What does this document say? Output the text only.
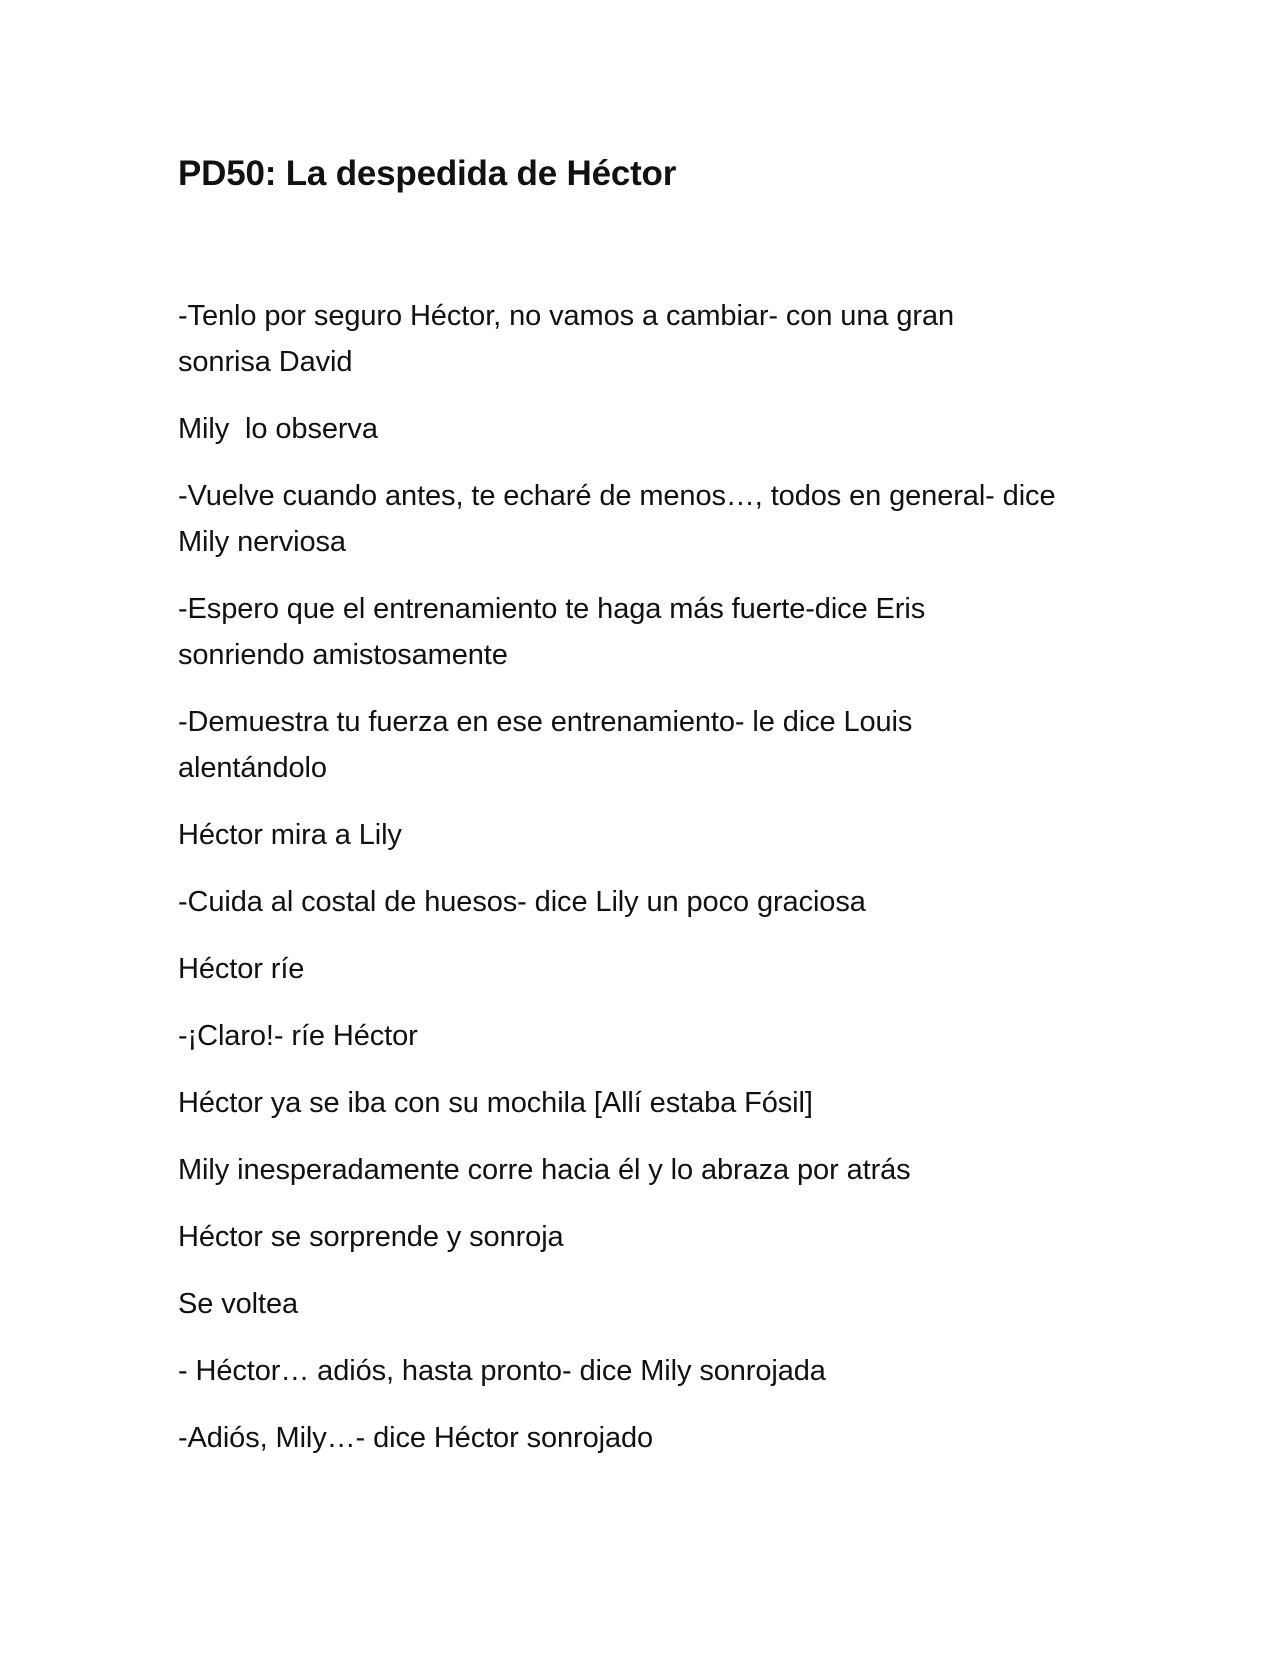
PD50: La despedida de Héctor

-Tenlo por seguro Héctor, no vamos a cambiar- con una gran
sonrisa David

Mily  lo observa

-Vuelve cuando antes, te echaré de menos…, todos en general- dice
Mily nerviosa

-Espero que el entrenamiento te haga más fuerte-dice Eris
sonriendo amistosamente

-Demuestra tu fuerza en ese entrenamiento- le dice Louis
alentándolo

Héctor mira a Lily

-Cuida al costal de huesos- dice Lily un poco graciosa

Héctor ríe

-¡Claro!- ríe Héctor

Héctor ya se iba con su mochila [Allí estaba Fósil]

Mily inesperadamente corre hacia él y lo abraza por atrás

Héctor se sorprende y sonroja

Se voltea

- Héctor… adiós, hasta pronto- dice Mily sonrojada

-Adiós, Mily…- dice Héctor sonrojado
